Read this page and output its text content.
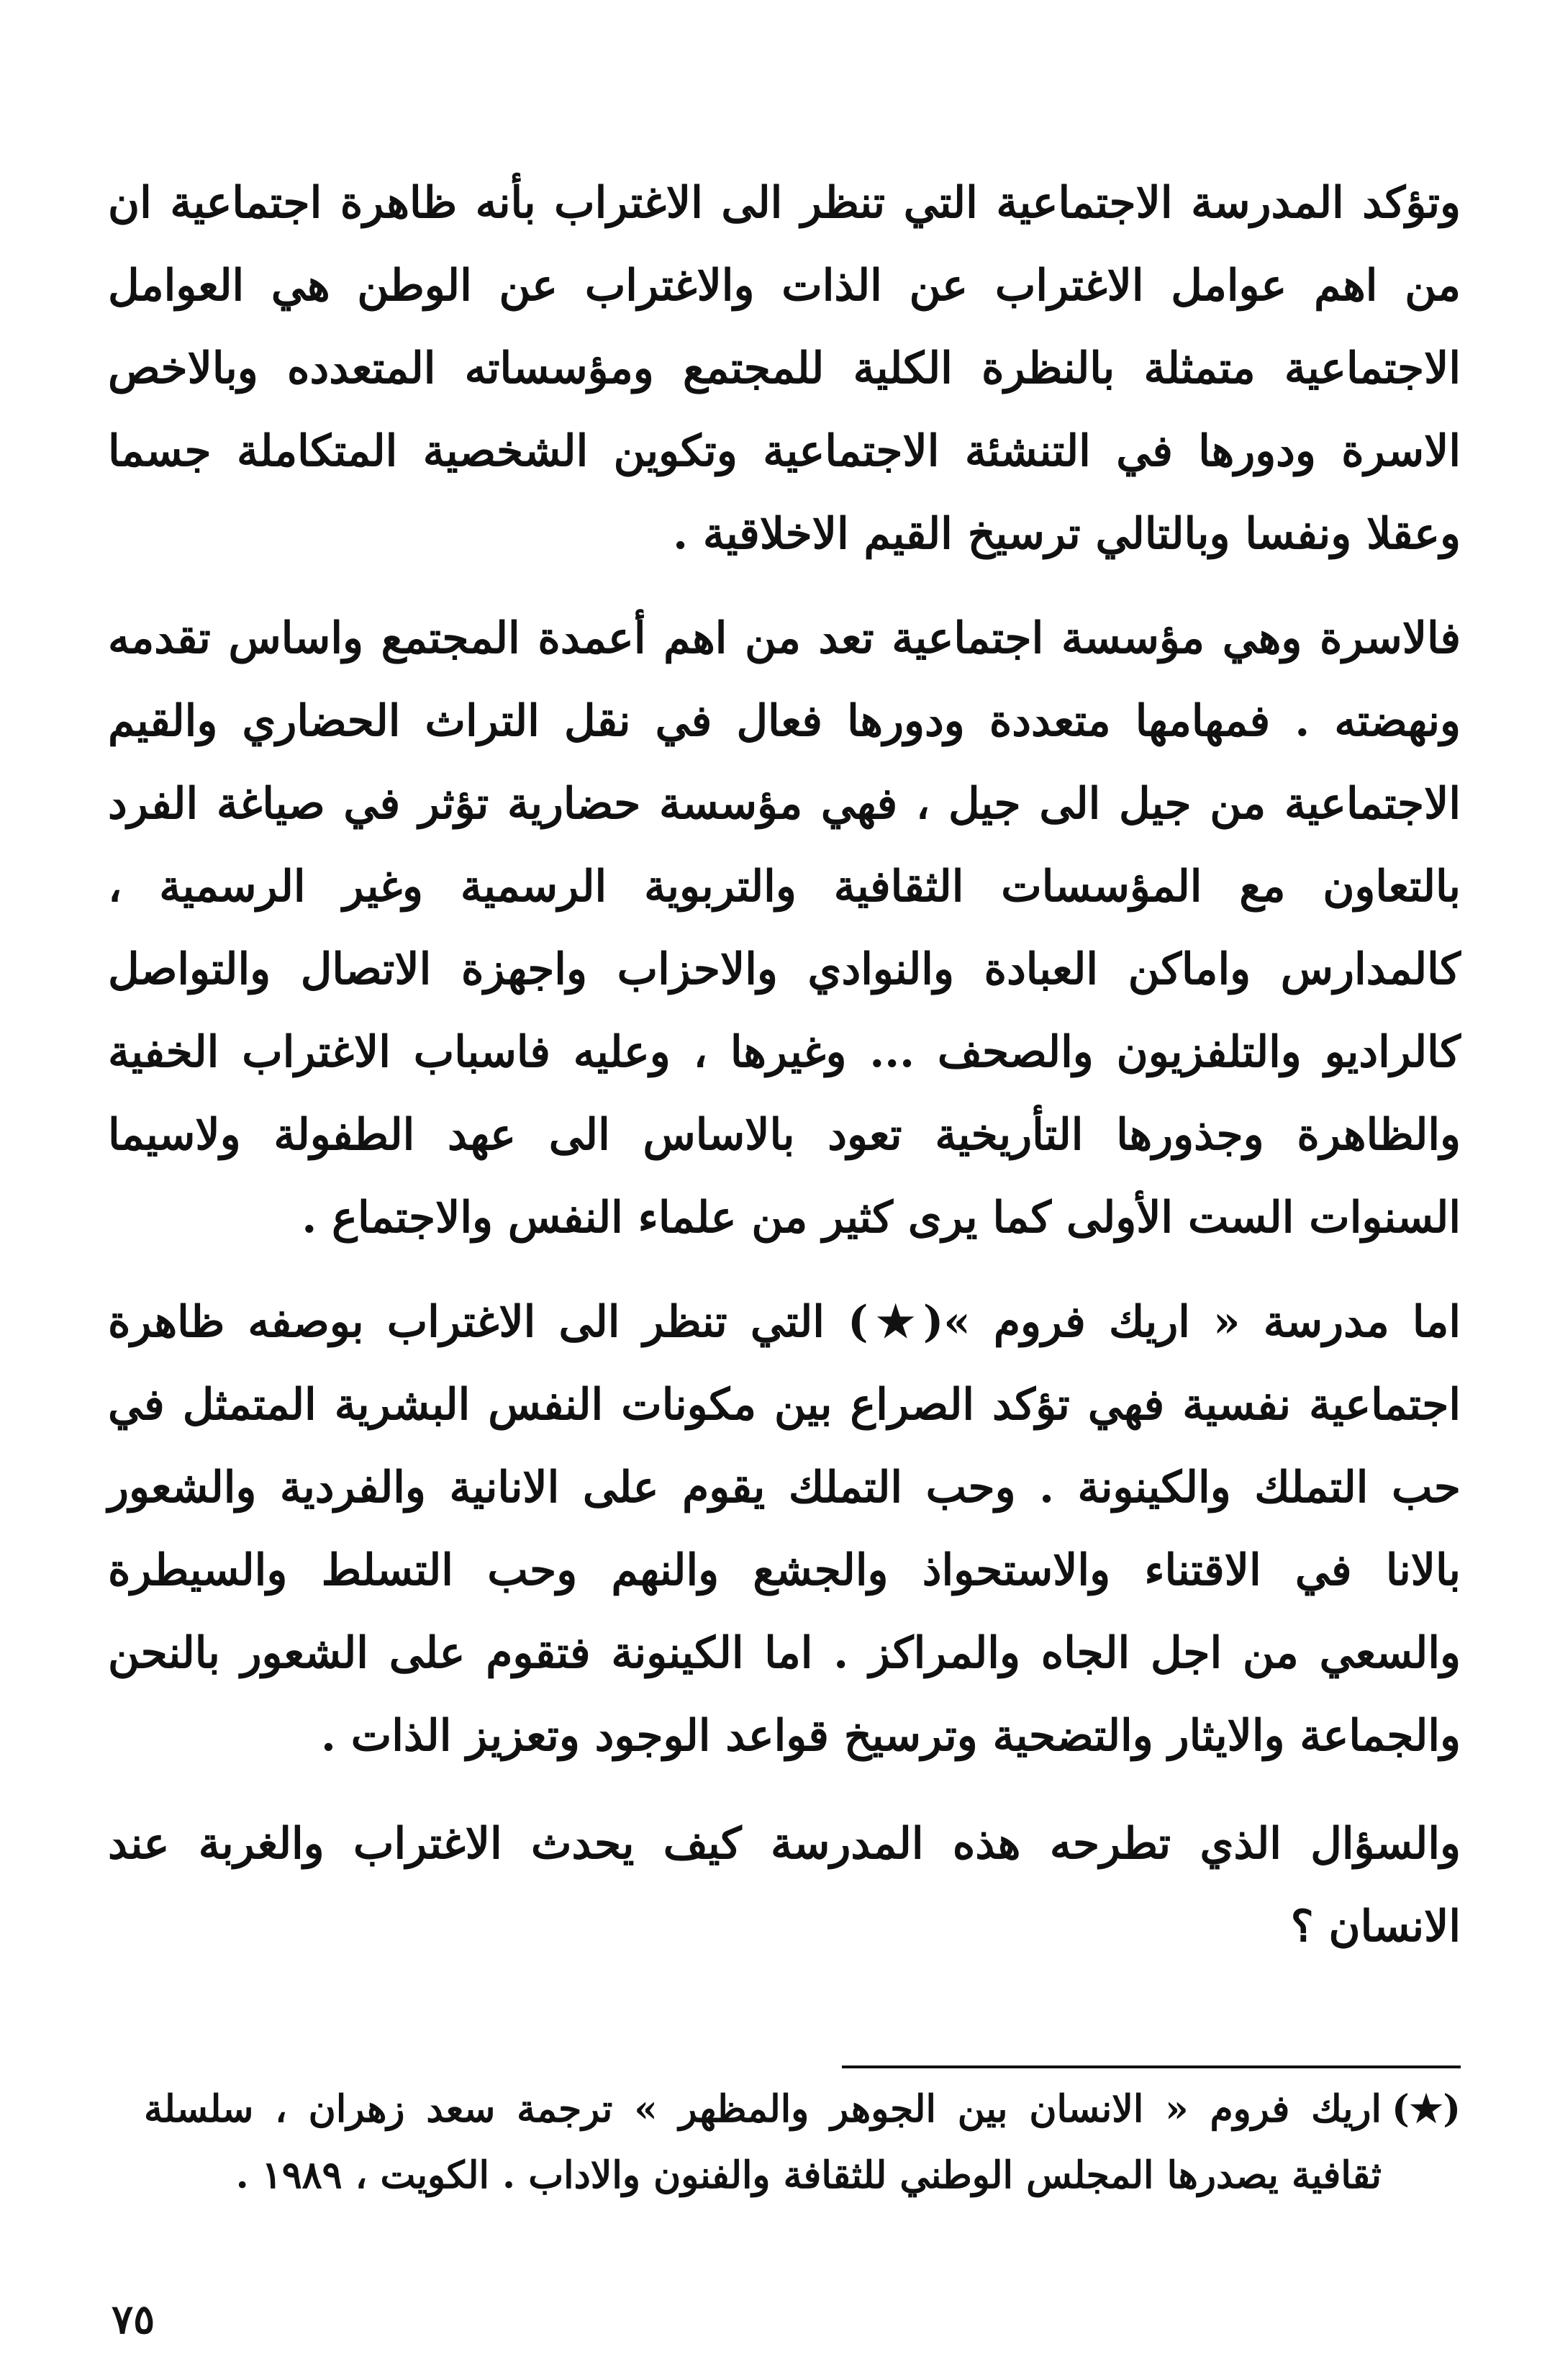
وتؤكد المدرسة الاجتماعية التي تنظر الى الاغتراب بأنه ظاهرة اجتماعية ان من اهم عوامل الاغتراب عن الذات والاغتراب عن الوطن هي العوامل الاجتماعية متمثلة بالنظرة الكلية للمجتمع ومؤسساته المتعدده وبالاخص الاسرة ودورها في التنشئة الاجتماعية وتكوين الشخصية المتكاملة جسما وعقلا ونفسا وبالتالي ترسيخ القيم الاخلاقية .

فالاسرة وهي مؤسسة اجتماعية تعد من اهم أعمدة المجتمع واساس تقدمه ونهضته . فمهامها متعددة ودورها فعال في نقل التراث الحضاري والقيم الاجتماعية من جيل الى جيل ، فهي مؤسسة حضارية تؤثر في صياغة الفرد بالتعاون مع المؤسسات الثقافية والتربوية الرسمية وغير الرسمية ، كالمدارس واماكن العبادة والنوادي والاحزاب واجهزة الاتصال والتواصل كالراديو والتلفزيون والصحف ... وغيرها ، وعليه فاسباب الاغتراب الخفية والظاهرة وجذورها التأريخية تعود بالاساس الى عهد الطفولة ولاسيما السنوات الست الأولى كما يرى كثير من علماء النفس والاجتماع .

اما مدرسة « اريك فروم »(★) التي تنظر الى الاغتراب بوصفه ظاهرة اجتماعية نفسية فهي تؤكد الصراع بين مكونات النفس البشرية المتمثل في حب التملك والكينونة . وحب التملك يقوم على الانانية والفردية والشعور بالانا في الاقتناء والاستحواذ والجشع والنهم وحب التسلط والسيطرة والسعي من اجل الجاه والمراكز . اما الكينونة فتقوم على الشعور بالنحن والجماعة والايثار والتضحية وترسيخ قواعد الوجود وتعزيز الذات .

والسؤال الذي تطرحه هذه المدرسة كيف يحدث الاغتراب والغربة عند الانسان ؟

(★)اريك فروم « الانسان بين الجوهر والمظهر » ترجمة سعد زهران ، سلسلة ثقافية يصدرها المجلس الوطني للثقافة والفنون والاداب . الكويت ، ١٩٨٩ .
٧٥
